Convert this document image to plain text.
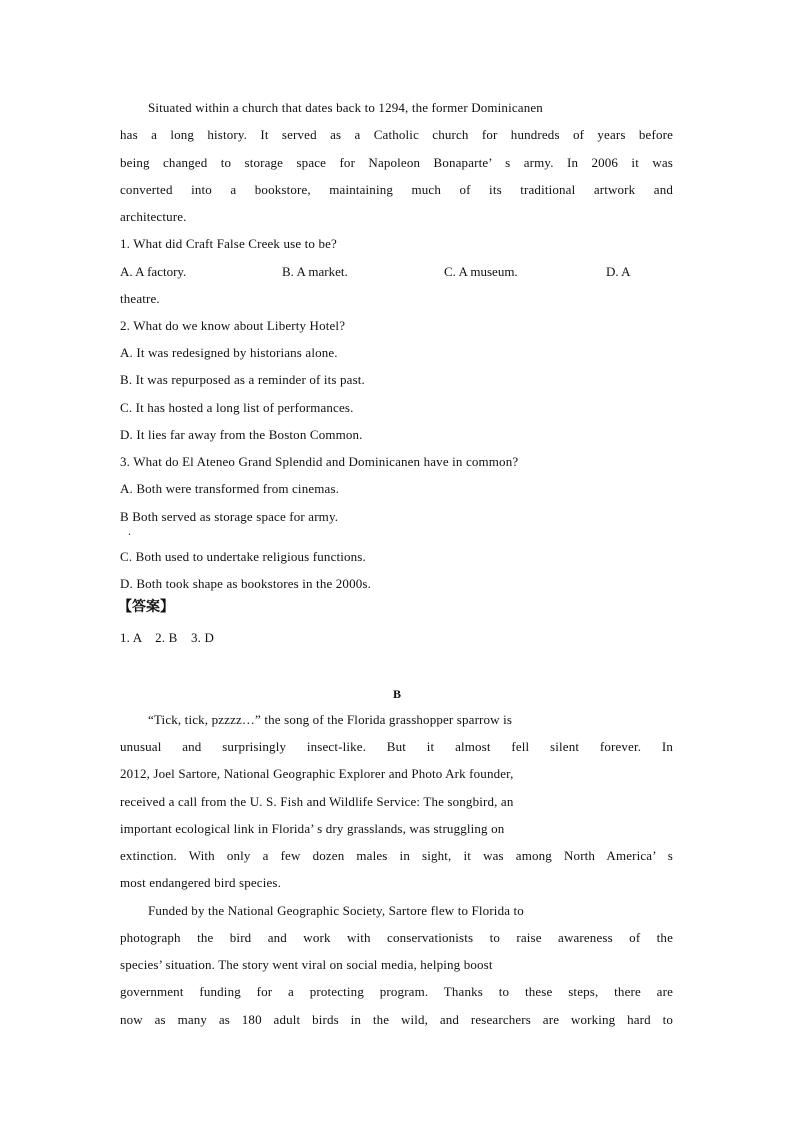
Situated within a church that dates back to 1294, the former Dominicanen
has a long history. It served as a Catholic church for hundreds of years before
being changed to storage space for Napoleon Bonaparte’ s army. In 2006 it was
converted into a bookstore, maintaining much of its traditional artwork and
architecture.
1. What did Craft False Creek use to be?
A. A factory.	B. A market.	C. A museum.	D. A
theatre.
2. What do we know about Liberty Hotel?
A. It was redesigned by historians alone.
B. It was repurposed as a reminder of its past.
C. It has hosted a long list of performances.
D. It lies far away from the Boston Common.
3. What do El Ateneo Grand Splendid and Dominicanen have in common?
A. Both were transformed from cinemas.
B Both served as storage space for army.
.
C. Both used to undertake religious functions.
D. Both took shape as bookstores in the 2000s.
【答案】
1. A    2. B    3. D
B
“Tick, tick, pzzzz…” the song of the Florida grasshopper sparrow is
unusual and surprisingly insect-like. But it almost fell silent forever. In
2012, Joel Sartore, National Geographic Explorer and Photo Ark founder,
received a call from the U. S. Fish and Wildlife Service: The songbird, an
important ecological link in Florida’ s dry grasslands, was struggling on
extinction. With only a few dozen males in sight, it was among North America’ s
most endangered bird species.
Funded by the National Geographic Society, Sartore flew to Florida to
photograph the bird and work with conservationists to raise awareness of the
species’ situation. The story went viral on social media, helping boost
government funding for a protecting program. Thanks to these steps, there are
now as many as 180 adult birds in the wild, and researchers are working hard to
